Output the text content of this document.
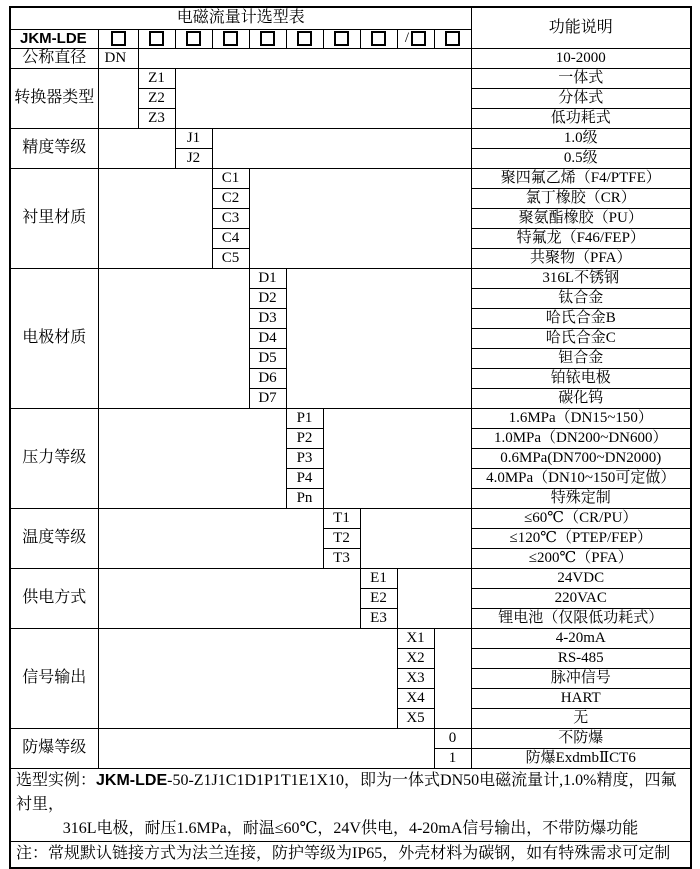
电磁流量计选型表											功能说明
JKM-LDE									/		
公称直径	DN										10-2000
转换器类型		Z1									一体式
		Z2									分体式
		Z3									低功耗式
精度等级			J1								1.0级
			J2								0.5级
衬里材质				C1							聚四氟乙烯（F4/PTFE）
				C2							氯丁橡胶（CR）
				C3							聚氨酯橡胶（PU）
				C4							特氟龙（F46/FEP）
				C5							共聚物（PFA）
电极材质					D1						316L不锈钢
					D2						钛合金
					D3						哈氏合金B
					D4						哈氏合金C
					D5						钽合金
					D6						铂铱电极
					D7						碳化钨
压力等级						P1					1.6MPa（DN15~150）
						P2					1.0MPa（DN200~DN600）
						P3					0.6MPa(DN700~DN2000)
						P4					4.0MPa（DN10~150可定做）
						Pn					特殊定制
温度等级							T1				≤60℃（CR/PU）
							T2				≤120℃（PTEP/FEP）
							T3				≤200℃（PFA）
供电方式								E1			24VDC
								E2			220VAC
								E3			锂电池（仅限低功耗式）
信号输出									X1		4-20mA
									X2		RS-485
									X3		脉冲信号
									X4		HART
									X5		无
防爆等级										0	不防爆
										1	防爆ExdmbⅡCT6

选型实例：JKM-LDE-50-Z1J1C1D1P1T1E1X10，即为一体式DN50电磁流量计,1.0%精度，四氟衬里，
316L电极，耐压1.6MPa，耐温≤60℃，24V供电，4-20mA信号输出，不带防爆功能											

注：常规默认链接方式为法兰连接，防护等级为IP65，外壳材料为碳钢，如有特殊需求可定制											
